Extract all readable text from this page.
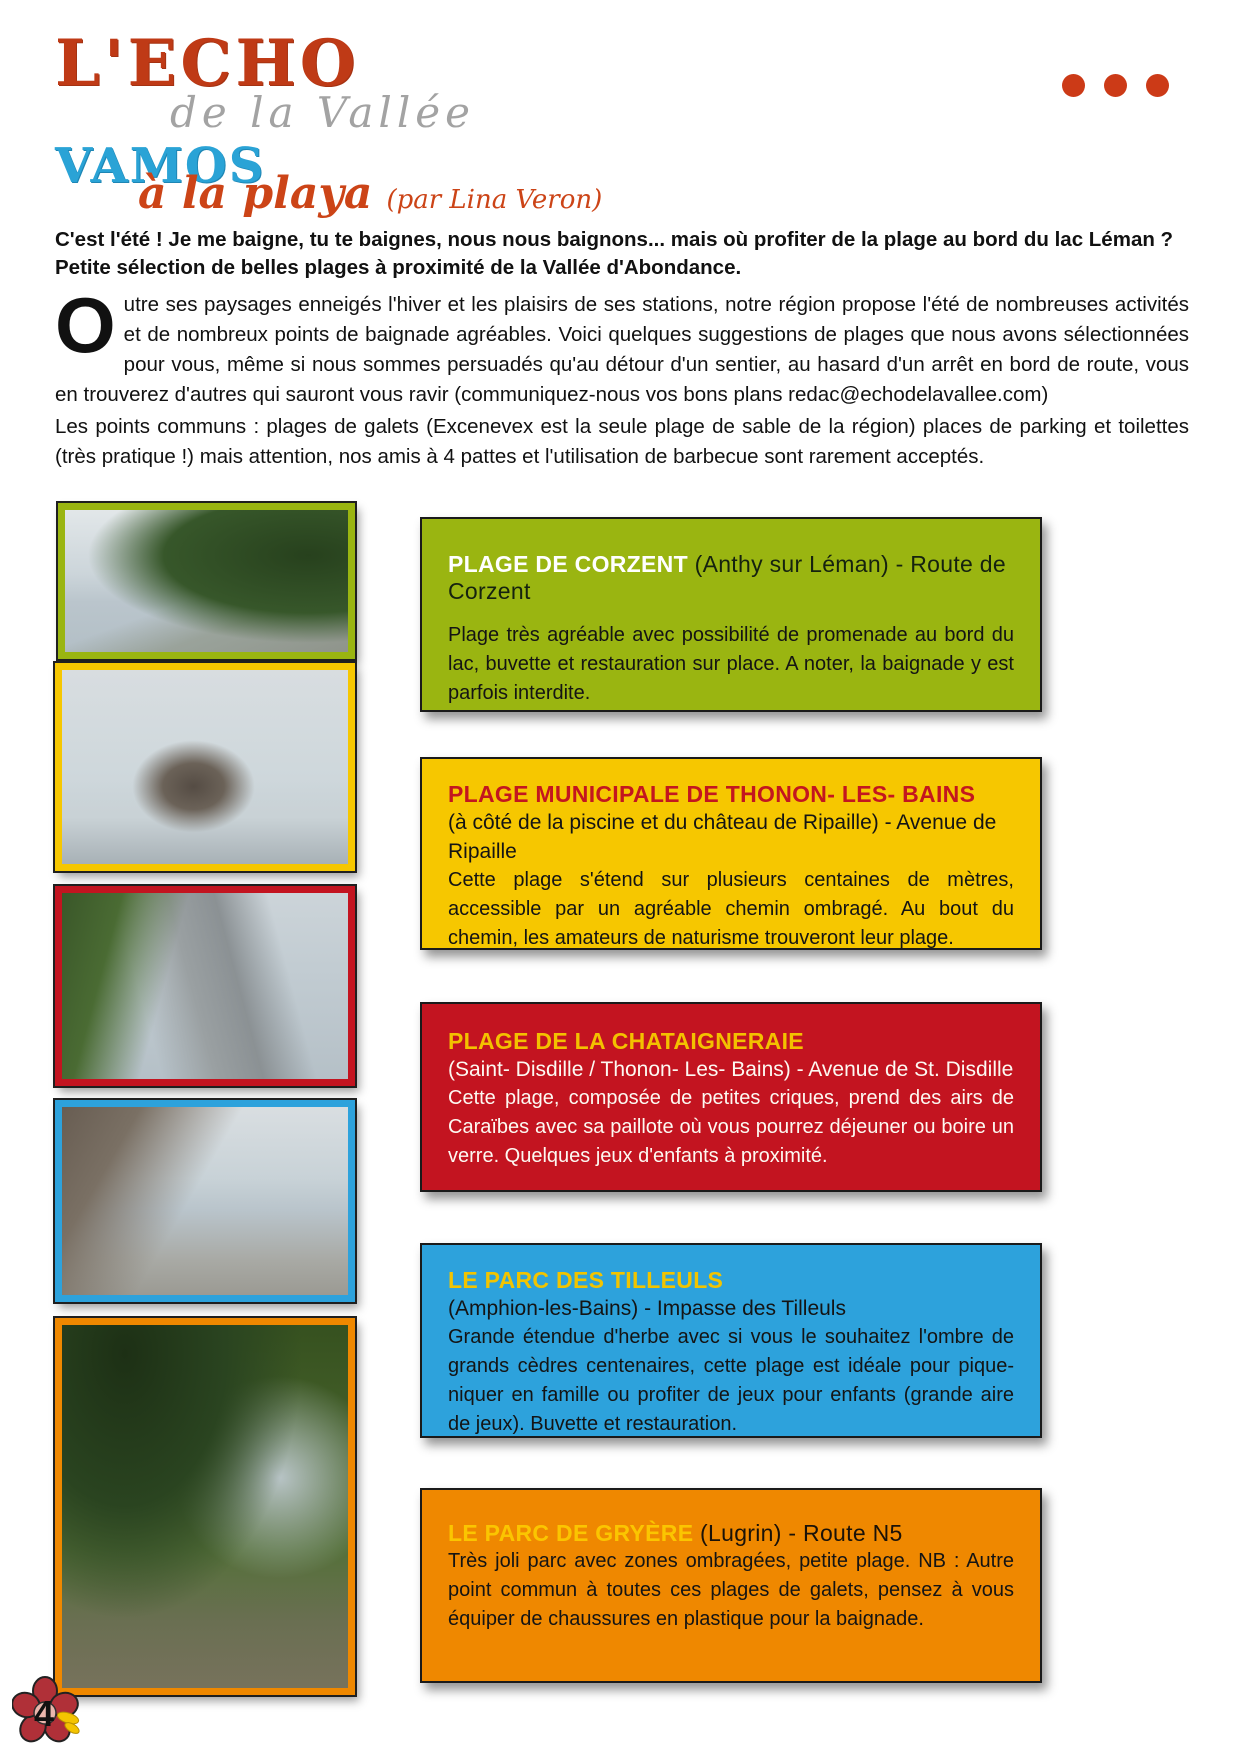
L'ECHO
de la Vallée
VAMOS
à la playa (par Lina Veron)

C'est l'été ! Je me baigne, tu te baignes, nous nous baignons... mais où profiter de la plage au bord du lac Léman ? Petite sélection de belles plages à proximité de la Vallée d'Abondance.

Outre ses paysages enneigés l'hiver et les plaisirs de ses stations, notre région propose l'été de nombreuses activités et de nombreux points de baignade agréables. Voici quelques suggestions de plages que nous avons sélectionnées pour vous, même si nous sommes persuadés qu'au détour d'un sentier, au hasard d'un arrêt en bord de route, vous en trouverez d'autres qui sauront vous ravir (communiquez-nous vos bons plans redac@echodelavallee.com)

Les points communs : plages de galets (Excenevex est la seule plage de sable de la région) places de parking et toilettes (très pratique !) mais attention, nos amis à 4 pattes et l'utilisation de barbecue sont rarement acceptés.

PLAGE DE CORZENT (Anthy sur Léman) - Route de Corzent
Plage très agréable avec possibilité de promenade au bord du lac, buvette et restauration sur place. A noter, la baignade y est parfois interdite.
PLAGE MUNICIPALE DE THONON- LES- BAINS
(à côté de la piscine et du château de Ripaille) - Avenue de Ripaille
Cette plage s'étend sur plusieurs centaines de mètres, accessible par un agréable chemin ombragé. Au bout du chemin, les amateurs de naturisme trouveront leur plage.
PLAGE DE LA CHATAIGNERAIE
(Saint- Disdille / Thonon- Les- Bains) - Avenue de St. Disdille
Cette plage, composée de petites criques, prend des airs de Caraïbes avec sa paillote où vous pourrez déjeuner ou boire un verre. Quelques jeux d'enfants à proximité.
LE PARC DES TILLEULS
(Amphion-les-Bains) - Impasse des Tilleuls
Grande étendue d'herbe avec si vous le souhaitez l'ombre de grands cèdres centenaires, cette plage est idéale pour pique-niquer en famille ou profiter de jeux pour enfants (grande aire de jeux). Buvette et restauration.
LE PARC DE GRYÈRE (Lugrin) - Route N5
Très joli parc avec zones ombragées, petite plage. NB : Autre point commun à toutes ces plages de galets, pensez à vous équiper de chaussures en plastique pour la baignade.
4
